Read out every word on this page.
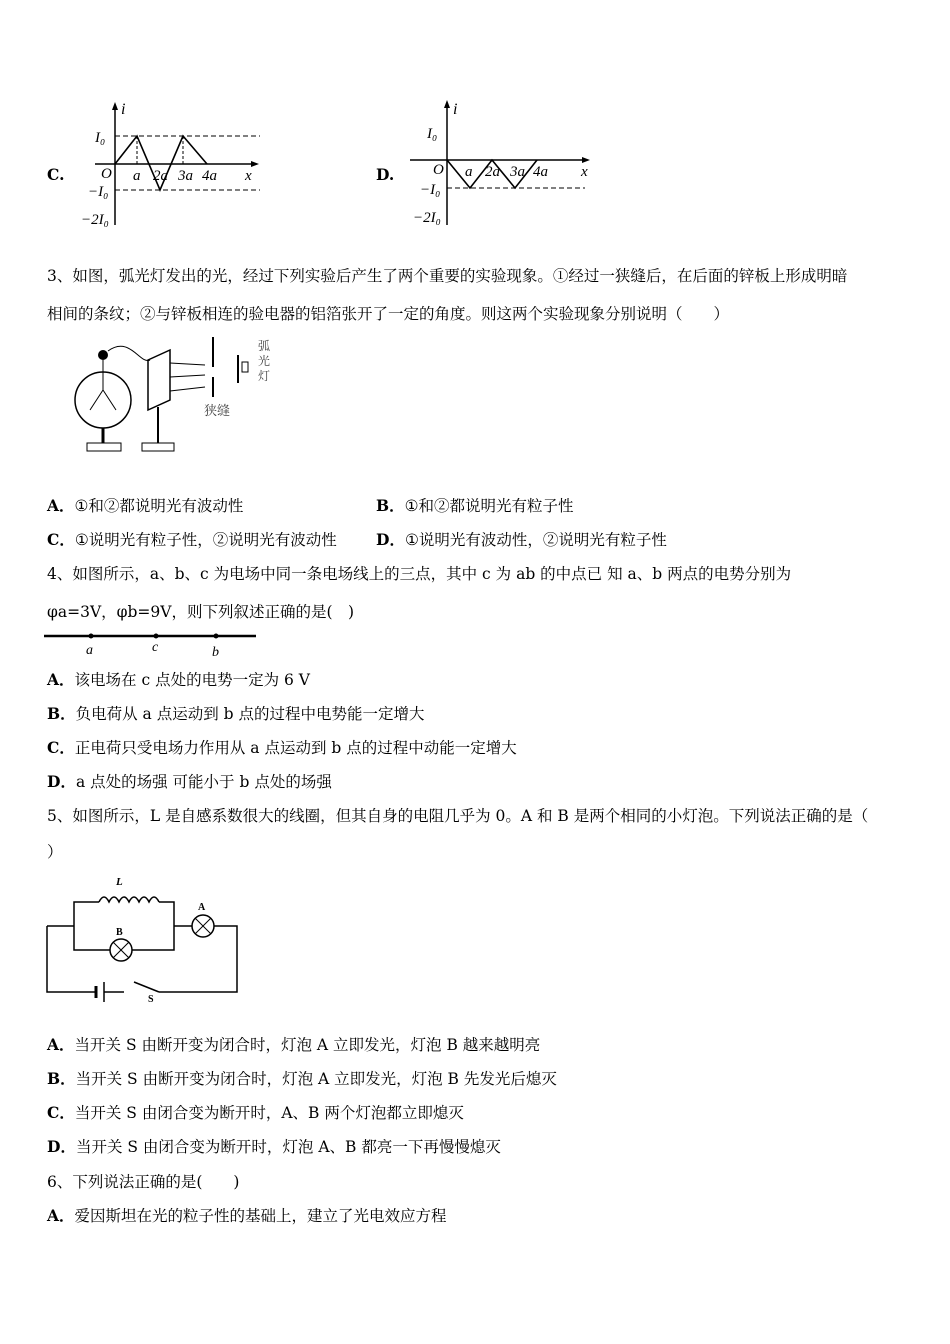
C.
i
I₀
O a 2a 3a 4a x
−I₀
−2I₀
D.
i
I₀
O a 2a 3a 4a x
−I₀
−2I₀
3、如图，弧光灯发出的光，经过下列实验后产生了两个重要的实验现象。①经过一狭缝后，在后面的锌板上形成明暗
相间的条纹；②与锌板相连的验电器的铝箔张开了一定的角度。则这两个实验现象分别说明（　　）
狭缝
弧
光
灯
A．①和②都说明光有波动性	B．①和②都说明光有粒子性
C．①说明光有粒子性，②说明光有波动性	D．①说明光有波动性，②说明光有粒子性
4、如图所示，a、b、c 为电场中同一条电场线上的三点，其中 c 为 ab 的中点已 知 a、b 两点的电势分别为
φa=3V，φb=9V，则下列叙述正确的是(　)
a	c	b
A．该电场在 c 点处的电势一定为 6 V
B．负电荷从 a 点运动到 b 点的过程中电势能一定增大
C．正电荷只受电场力作用从 a 点运动到 b 点的过程中动能一定增大
D．a 点处的场强 可能小于 b 点处的场强
5、如图所示，L 是自感系数很大的线圈，但其自身的电阻几乎为 0。A 和 B 是两个相同的小灯泡。下列说法正确的是（
）
L
A
B
S
A．当开关 S 由断开变为闭合时，灯泡 A 立即发光，灯泡 B 越来越明亮
B．当开关 S 由断开变为闭合时，灯泡 A 立即发光，灯泡 B 先发光后熄灭
C．当开关 S 由闭合变为断开时，A、B 两个灯泡都立即熄灭
D．当开关 S 由闭合变为断开时，灯泡 A、B 都亮一下再慢慢熄灭
6、下列说法正确的是(　　)
A．爱因斯坦在光的粒子性的基础上，建立了光电效应方程
